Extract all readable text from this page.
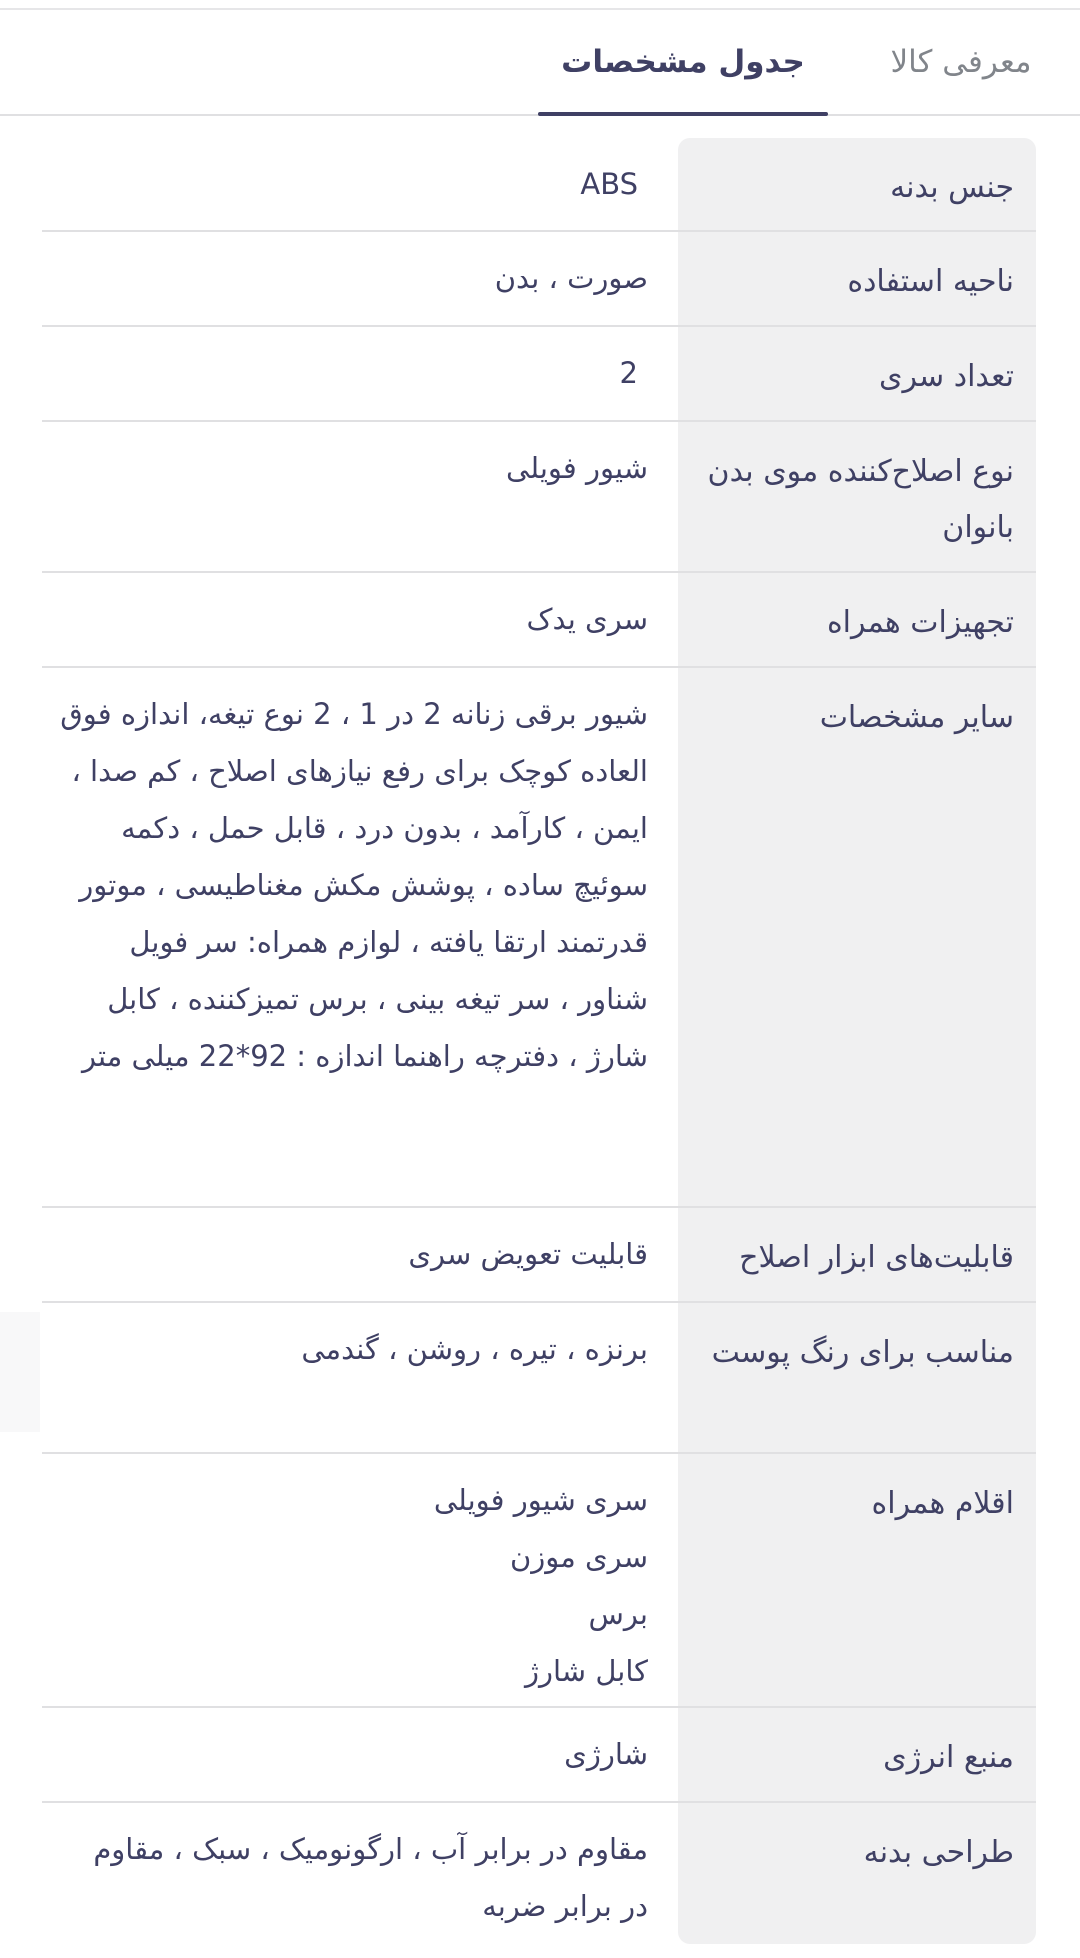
معرفی کالا
جدول مشخصات
جنس بدنه
ABS
ناحیه استفاده
صورت ، بدن
تعداد سری
2
نوع اصلاح‌کننده موی بدن بانوان
شیور فویلی
تجهیزات همراه
سری یدک
سایر مشخصات
شیور برقی زنانه 2 در 1 ، 2 نوع تیغه، اندازه فوق العاده کوچک برای رفع نیازهای اصلاح ، کم صدا ، ایمن ، کارآمد ، بدون درد ، قابل حمل ، دکمه سوئیچ ساده ، پوشش مکش مغناطیسی ، موتور قدرتمند ارتقا یافته ، لوازم همراه: سر فویل شناور ، سر تیغه بینی ، برس تمیزکننده ، کابل شارژ ، دفترچه راهنما اندازه : 92*22 میلی متر
قابلیت‌های ابزار اصلاح
قابلیت تعویض سری
مناسب برای رنگ پوست
برنزه ، تیره ، روشن ، گندمی
اقلام همراه
سری شیور فویلی
سری موزن
برس
کابل شارژ
منبع انرژی
شارژی
طراحی بدنه
مقاوم در برابر آب ، ارگونومیک ، سبک ، مقاوم در برابر ضربه
